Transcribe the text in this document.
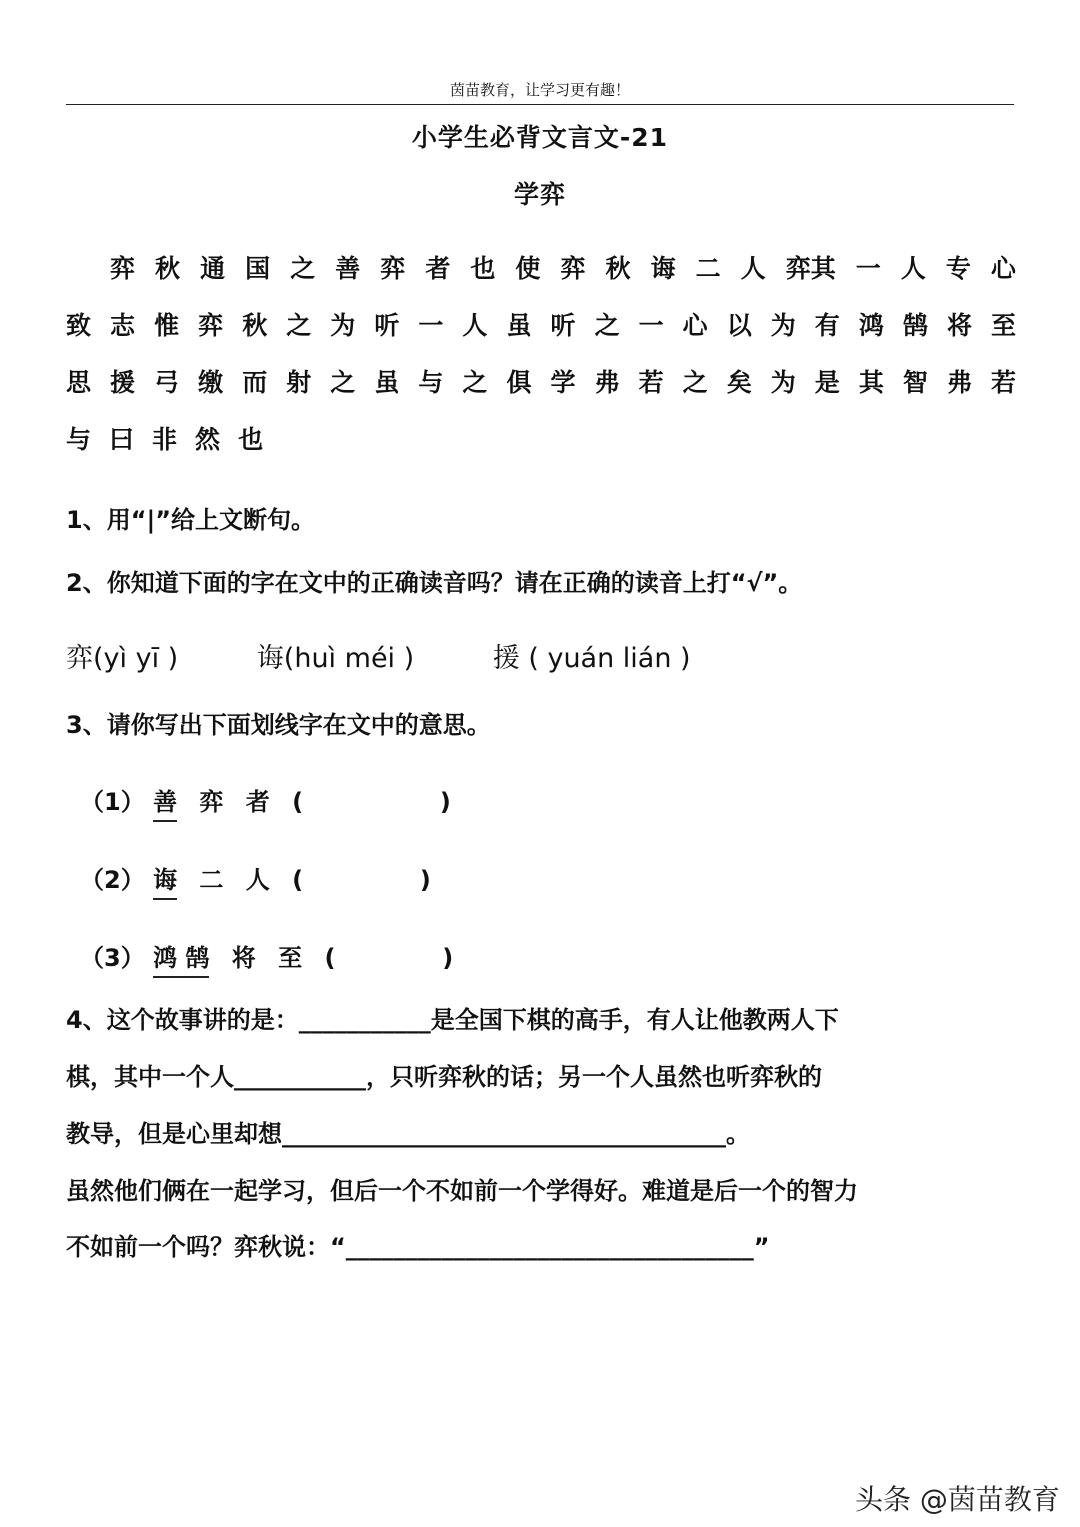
茵苗教育，让学习更有趣！
小学生必背文言文-21
学弈
弈 秋 通 国 之 善 弈 者 也 使 弈 秋 诲 二 人 弈其 一 人 专 心
致 志 惟 弈 秋 之 为 听 一 人 虽 听 之 一 心 以 为 有 鸿 鹄 将 至
思 援 弓 缴 而 射 之 虽 与 之 俱 学 弗 若 之 矣 为 是 其 智 弗 若
与 曰 非 然 也
1、用“|”给上文断句。
2、你知道下面的字在文中的正确读音吗？请在正确的读音上打“√”。
弈(yì yī )	诲(huì méi )	援 ( yuán lián )
3、请你写出下面划线字在文中的意思。
（1） 善 弈 者 (	)
（2） 诲 二 人 (	)
（3） 鸿 鹄 将 至 (	)
4、这个故事讲的是：___________是全国下棋的高手，有人让他教两人下
棋，其中一个人___________，只听弈秋的话；另一个人虽然也听弈秋的
教导，但是心里却想_____________________________________。
虽然他们俩在一起学习，但后一个不如前一个学得好。难道是后一个的智力
不如前一个吗？弈秋说：“__________________________________”
头条 @茵苗教育
